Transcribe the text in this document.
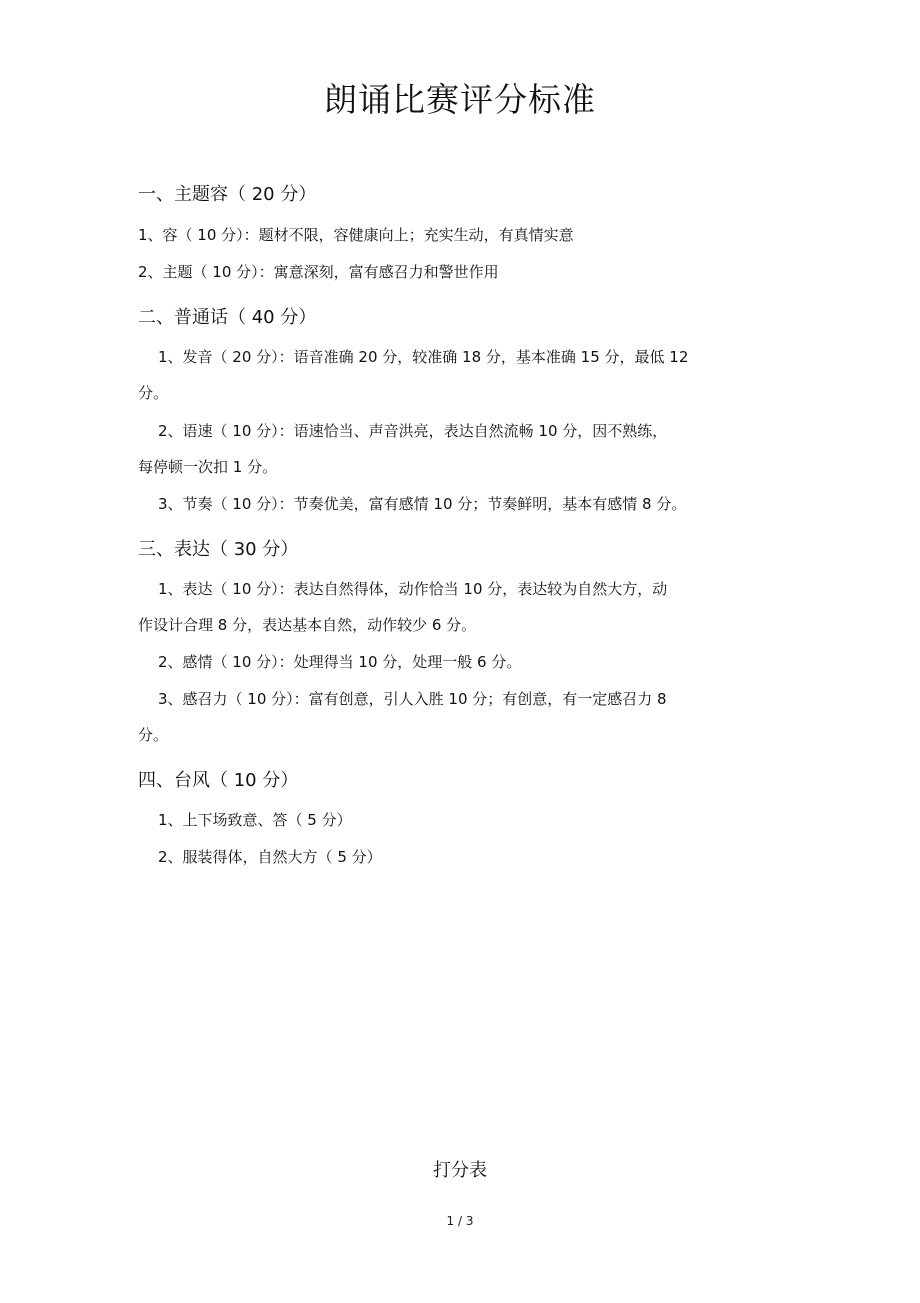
朗诵比赛评分标准
一、主题容（ 20 分）
1、容（ 10 分）：题材不限，容健康向上；充实生动，有真情实意
2、主题（ 10 分）：寓意深刻，富有感召力和警世作用
二、普通话（ 40 分）
1、发音（ 20 分）：语音准确 20 分，较准确 18 分，基本准确 15 分，最低 12
分。
2、语速（ 10 分）：语速恰当、声音洪亮，表达自然流畅 10 分，因不熟练，
每停顿一次扣 1 分。
3、节奏（ 10 分）：节奏优美，富有感情 10 分；节奏鲜明，基本有感情 8 分。
三、表达（ 30 分）
1、表达（ 10 分）：表达自然得体，动作恰当 10 分，表达较为自然大方，动
作设计合理 8 分，表达基本自然，动作较少 6 分。
2、感情（ 10 分）：处理得当 10 分，处理一般 6 分。
3、感召力（ 10 分）：富有创意，引人入胜 10 分；有创意，有一定感召力 8
分。
四、台风（ 10 分）
1、上下场致意、答（ 5 分）
2、服装得体，自然大方（ 5 分）
打分表
1 / 3
